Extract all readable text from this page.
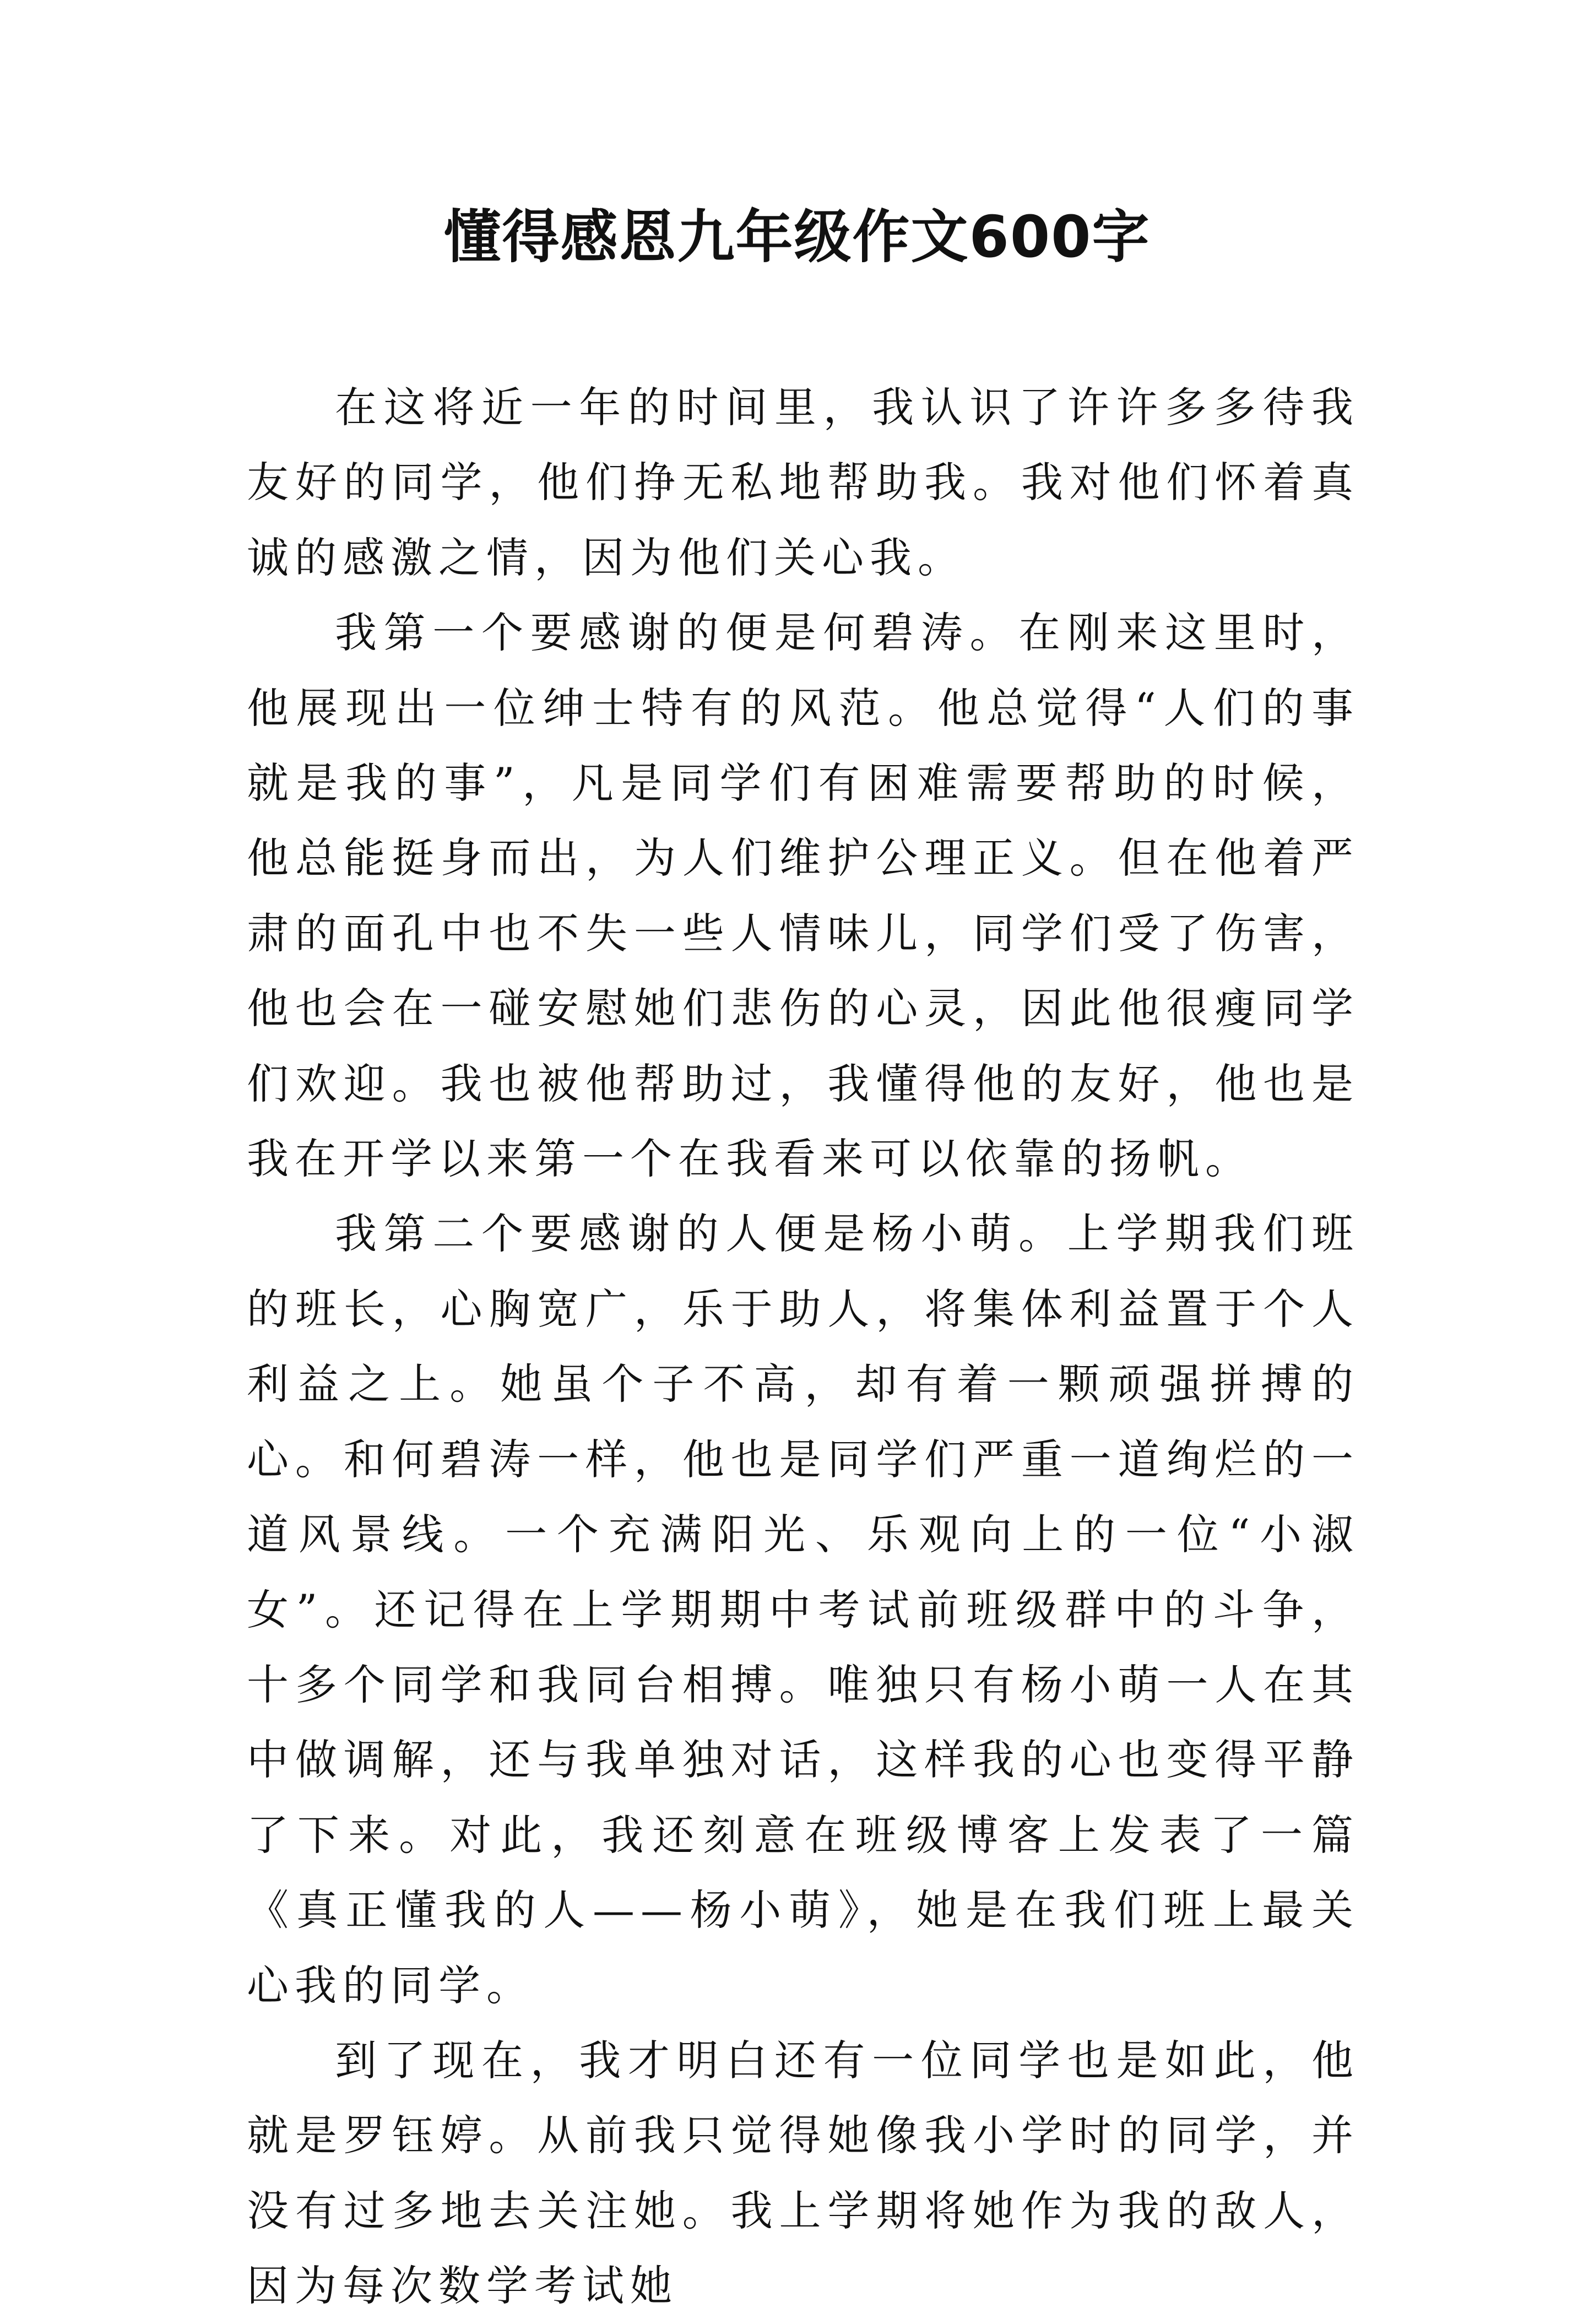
懂得感恩九年级作文600字

在这将近一年的时间里，我认识了许许多多待我友好的同学，他们挣无私地帮助我。我对他们怀着真诚的感激之情，因为他们关心我。

我第一个要感谢的便是何碧涛。在刚来这里时，他展现出一位绅士特有的风范。他总觉得“人们的事就是我的事”，凡是同学们有困难需要帮助的时候，他总能挺身而出，为人们维护公理正义。但在他着严肃的面孔中也不失一些人情味儿，同学们受了伤害，他也会在一碰安慰她们悲伤的心灵，因此他很瘦同学们欢迎。我也被他帮助过，我懂得他的友好，他也是我在开学以来第一个在我看来可以依靠的扬帆。

我第二个要感谢的人便是杨小萌。上学期我们班的班长，心胸宽广，乐于助人，将集体利益置于个人利益之上。她虽个子不高，却有着一颗顽强拼搏的心。和何碧涛一样，他也是同学们严重一道绚烂的一道风景线。一个充满阳光、乐观向上的一位“小淑女”。还记得在上学期期中考试前班级群中的斗争，十多个同学和我同台相搏。唯独只有杨小萌一人在其中做调解，还与我单独对话，这样我的心也变得平静了下来。对此，我还刻意在班级博客上发表了一篇《真正懂我的人——杨小萌》，她是在我们班上最关心我的同学。

到了现在，我才明白还有一位同学也是如此，他就是罗钰婷。从前我只觉得她像我小学时的同学，并没有过多地去关注她。我上学期将她作为我的敌人，因为每次数学考试她
